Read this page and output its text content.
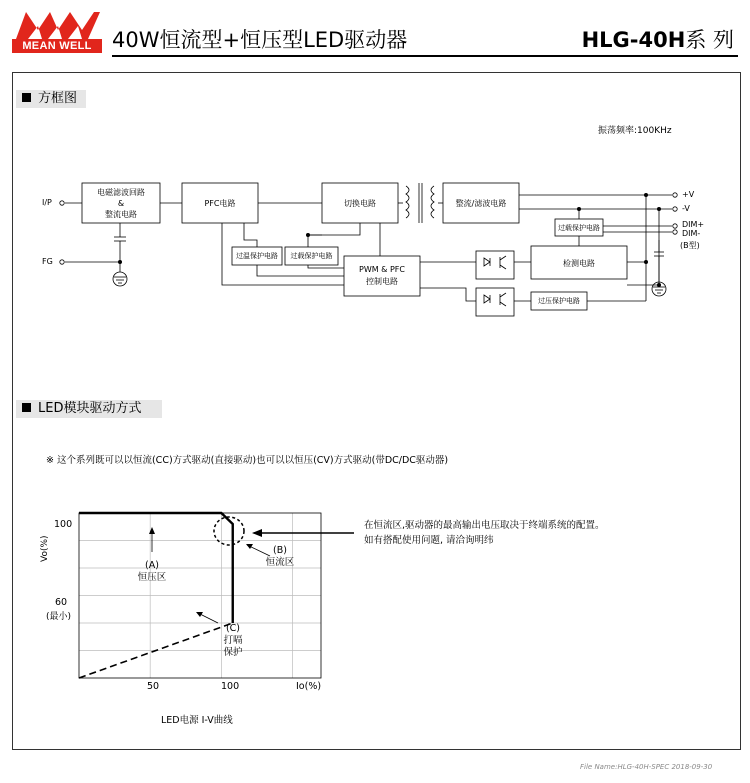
MEAN WELL 40W恒流型+恒压型LED驱动器	HLG-40H系 列
方框图
振荡频率:100KHz
电磁滤波回路
&
整流电路
PFC电路	切换电路	整流/滤波电路
过载保护电路
过温保护电路	过载保护电路
PWM & PFC
控制电路
检测电路
过压保护电路
I/P
FG
+V
-V
DIM+
DIM-
(B型)
LED模块驱动方式
※ 这个系列既可以以恒流(CC)方式驱动(直接驱动)也可以以恒压(CV)方式驱动(带DC/DC驱动器)
100
60
(最小)
Vo(%)
50	100	Io(%)
(A)
恒压区
(B)
恒流区
(C)
打嗝
保护
在恒流区,驱动器的最高输出电压取决于终端系统的配置。
如有搭配使用问题, 请洽询明纬
LED电源 I-V曲线
File Name:HLG-40H-SPEC 2018-09-30
